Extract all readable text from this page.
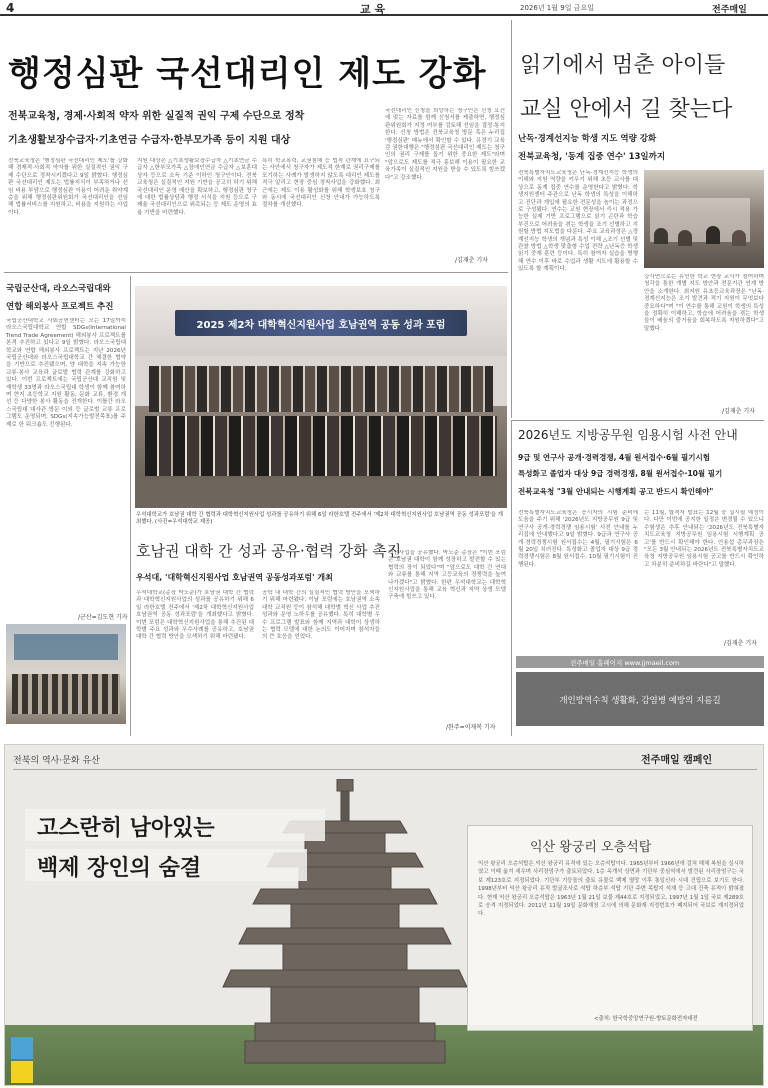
4	교 육	2026년 1월 9일 금요일	전주매일
행정심판 국선대리인 제도 강화
전북교육청, 경제·사회적 약자 위한 실질적 권익 구제 수단으로 정착
기초생활보장수급자·기초연금 수급자·한부모가족 등이 지원 대상
전북교육청은 '행정심판 국선대리인 제도'를 강화해 경제적·사회적 약자를 위한 실질적인 권익 구제 수단으로 정착시키겠다고 9일 밝혔다. 행정심판 국선대리인 제도는 법률지식이 부족하거나 선임 비용 부담으로 행정심판 이용이 어려운 취약계층을 위해 행정심판위원회가 국선대리인을 선임해 법률서비스를 지원하고, 비용을 지원하는 사업이다.
지원 대상은 △기초생활보장수급자 △기초연금 수급자 △한부모가족 △장애인연금 수급자 △보훈대상자 등으로 소득 기준 이하인 청구인이다. 전북교육청은 실질적인 지원 기반을 공고히 하기 위해 국선대리인 운영 예산을 확보하고, 행정심판 청구에 대한 법률상담과 행정 서식을 지원 등으로 구제율 국선대리인으로 위촉되는 등 제도 운영의 효율 기반을 마련했다.
특히 학교폭력, 교권침해 등 법적 관계에 요구되는 사안에서 청구자가 제도적 한계로 권리구제를 포기하는 사례가 발생하지 않도록 대리인 제도를 적극 알리고 현장 중심 정착사업을 강화했다. 최근에는 제도 이용 활성화를 위해 학생보호 청구와 동시에 국선대리인 신청 안내가 가능하도록 절차를 개선했다.
국선대리인 신청을 희망하는 청구인은 신청 요건에 맞는 자료를 함께 신청서를 제출하면, 행정심판위원회가 지정 여부를 검토해 선임을 결정·통지한다. 신청 방법은 전북교육청 방문 혹은 누리집 '행정심판' 메뉴에서 확인할 수 있다. 유정기 교육감 권한대행은 "행정심판 국선대리인 제도는 청구인의 권리 구제를 돕기 위한 중요한 제도"라며 "앞으로도 제도를 적극 홍보해 이용이 필요한 교육가족이 실질적인 지원을 받을 수 있도록 힘쓰겠다"고 강조했다.
/김재춘 기자
읽기에서 멈춘 아이들
교실 안에서 길 찾는다
난독·경계선지능 학생 지도 역량 강화
전북교육청, '동계 집중 연수' 13일까지
전북특별자치도교육청은 난독·경계선지능 학생의 이해와 지원 역량을 키우기 위해 초등 교사를 대상으로 동계 집중 연수를 운영한다고 밝혔다. 학생지원센터 주관으로 난독 학생의 특성을 이해하고 진단과 개입에 필요한 전문성을 높이는 과정으로 구성됐다. 연수는 교원 현장에서 즉시 적용 가능한 실제 기반 프로그램으로 읽기 곤란과 학습 부진으로 어려움을 겪는 학생을 조기 선별하고 지원할 방법 지도법을 다룬다. 주요 교육과정은 △경계선지능 학생의 개념과 특성 이해 △조기 선별 및 관찰 방법 △학생 맞춤형 수업 전략 △난독증 학생 읽기 중재 훈련 등이다. 특히 참여자 실습을 병행해 연수 이후 바로 수업과 생활 지도에 활용할 수 있도록 할 계획이다.
강사연으로는 유인한 학교 현장 교사가 참여하며 청각을 통한 개별 지도 방안과 전문기관 연계 방안을 소개한다. 최지원 유초등교육과장은 "난독·경계선지능은 조기 발견과 적기 지원이 무엇보다 중요하다"며 "이 연수를 통해 교원이 학생의 특성을 정확히 이해하고, 학습에 어려움을 겪는 학생들이 배움의 즐거움을 회복하도록 지원하겠다"고 말했다.
/김재춘 기자
국립군산대, 라오스국립대와
연합 해외봉사 프로젝트 추진
국립군산대학교 사회공헌센터는 오는 17일까지 라오스국립대학교 연합 SDGs(International Trend Trade Agreement) 해외봉사 프로젝트를 본격 추진하고 있다고 9일 밝혔다. 라오스국립대학교와 연합 해외봉사 프로젝트는 지난 2026년 국립군산대와 라오스국립대학교 간 체결한 협약을 기반으로 추진됐으며, 양 대학을 지속 가능한 교류·봉사 교육과 글로벌 협력 관계를 강화하고 있다. 이번 프로젝트에는 국립군산대 교직원 및 재학생 33명과 라오스국립대 학생이 함께 참여하며 현지 초등학교 지원 활동, 문화 교류, 환경 개선 등 다양한 봉사 활동을 전개한다. 이틀간 라오스국립대 대사관 방문 이외 등 글로벌 교류 프로그램도 운영되며, SDGs(지속가능발전목표)를 주제로 한 워크숍도 진행된다.
/군산=김도현 기자
2025 제2차 대학혁신지원사업 호남권역 공동 성과 포럼
우석대학교가 호남권 대학 간 협력과 대학혁신지원사업 성과를 공유하기 위해 6일 라한호텔 전주에서 '제2차 대학혁신지원사업 호남권역 공동 성과포럼'을 개최했다. (사진=우석대학교 제공)
호남권 대학 간 성과 공유·협력 강화 촉진
우석대, '대학혁신지원사업 호남권역 공동성과포럼' 개최
우석대학교(총장 박노준)가 호남권 대학 간 협력과 대학혁신지원사업의 성과를 공유하기 위해 6일 라한호텔 전주에서 '제2차 대학혁신지원사업 호남권역 공동 성과포럼'을 개최했다고 밝혔다. 이번 포럼은 대학혁신지원사업을 통해 추진된 대학별 주요 성과와 우수사례를 공유하고, 호남권 대학 간 협력 방안을 모색하기 위해 마련됐다.
공학 내 대학 간의 실질적인 협력 방안을 모색하기 위해 마련됐다. 이날 포럼에는 호남권역 소속 대학 교직원 등이 참석해 대학별 혁신 사업 추진 성과와 운영 노하우를 공유했다. 특히 대학별 우수 프로그램 발표와 함께 지역과 대학이 상생하는 협력 모델에 대한 논의도 이어지며 참석자들의 큰 호응을 얻었다.
혁신사업을 공유했다. 박노준 총장은 "이번 포럼은 호남권 대학이 함께 성장하고 발전할 수 있는 협력의 장이 되었다"며 "앞으로도 대학 간 연대와 교류를 통해 지역 고등교육의 경쟁력을 높여 나가겠다"고 밝혔다. 한편 우석대학교는 대학혁신지원사업을 통해 교육 혁신과 지역 상생 모델 구축에 힘쓰고 있다.
/완주=이재복 기자
2026년도 지방공무원 임용시험 사전 안내
9급 및 연구사 공개·경력경쟁, 4월 원서접수·6월 필기시험
특성화고 졸업자 대상 9급 경력경쟁, 8월 원서접수·10월 필기
전북교육청 "3월 안내되는 시행계획 공고 반드시 확인해야"
전북특별자치도교육청은 응시자의 시험 준비에 도움을 주기 위해 '2026년도 지방공무원 9급 및 연구사 공개·경력경쟁 임용시험' 사전 안내를 누리집에 안내했다고 9일 밝혔다. 9급과 연구사 공개·경력경쟁시험 원서접수는 4월, 필기시험은 6월 20일 치러진다. 특성화고 졸업자 대상 9급 경력경쟁시험은 8월 원서접수, 10월 필기시험이 진행된다.
는 11월, 합격자 발표는 12월 중 실시될 예정이다. 다만 이번에 공지한 일정은 변경될 수 있으니 수험생은 추후 안내되는 '2026년도 전북특별자치도교육청 지방공무원 임용시험 시행계획 공고'를 반드시 확인해야 한다. 안용섭 총무과장은 "모든 3월 안내되는 2026년도 전북특별자치도교육청 지방공무원 임용시험 공고를 반드시 확인하고 차분히 준비하길 바란다"고 말했다.
/김재춘 기자
전주매일 홈페이지 www.jjmaeil.com
개인방역수칙 생활화, 감염병 예방의 지름길
전북의 역사·문화 유산	전주매일 캠페인
고스란히 남아있는
백제 장인의 숨결
익산 왕궁리 오층석탑
익산 왕궁리 오층석탑은 익산 왕궁리 유적에 있는 오층석탑이다. 1965년부터 1966년에 걸쳐 해체 복원을 실시하였고 이때 옮겨 세우며 사리장엄구가 출토되었다. 1층 옥개석 상면과 기단부 중심석에서 발견된 사리장엄구는 국보 제123호로 지정되었다. 기단부 기둥돌의 출토 유물로 백제 멸망 이후 통일신라 시대 건립으로 보기도 한다. 1998년부터 익산 왕궁리 유적 발굴조사로 석탑 하층부 석탑 기단 주변 목탑지 석재 등 고대 건축 유적이 밝혀졌다. 현재 익산 왕궁리 오층석탑은 1963년 1월 21일 보물 제44호로 지정되었고, 1997년 1월 1일 국보 제289호로 승격 지정되었다. 2011년 11월 19일 문화재청 고시에 의해 문화재 지정번호가 폐지되어 국보로 재지정되었다.
<출처: 한국학중앙연구원-향토문화전자대전
